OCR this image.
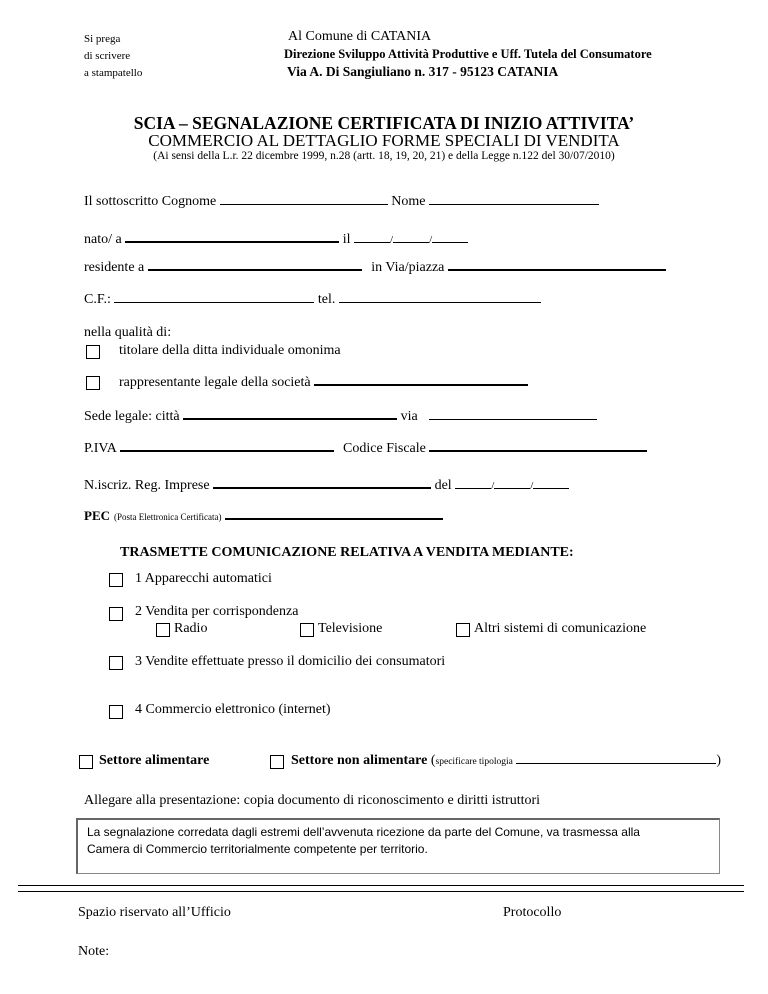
Si prega
di scrivere
a stampatello
Al Comune di CATANIA
Direzione Sviluppo Attività Produttive e Uff. Tutela del Consumatore
Via A. Di Sangiuliano n. 317 - 95123 CATANIA
SCIA – SEGNALAZIONE CERTIFICATA DI INIZIO ATTIVITA’
COMMERCIO AL DETTAGLIO FORME SPECIALI DI VENDITA
(Ai sensi della L.r. 22 dicembre 1999, n.28 (artt. 18, 19, 20, 21) e della Legge n.122 del 30/07/2010)
Il sottoscritto Cognome	Nome
nato/ a	il	/	/
residente a	in Via/piazza
C.F.:	tel.
nella qualità di:
titolare della ditta individuale omonima
rappresentante legale della società
Sede legale: città	via
P.IVA	Codice Fiscale
N.iscriz. Reg. Imprese	del	/	/
PEC (Posta Elettronica Certificata)
TRASMETTE COMUNICAZIONE RELATIVA A VENDITA MEDIANTE:
1 Apparecchi automatici
2 Vendita per corrispondenza
Radio	Televisione	Altri sistemi di comunicazione
3 Vendite effettuate presso il domicilio dei consumatori
4 Commercio elettronico (internet)
Settore alimentare	Settore non alimentare (specificare tipologia	)
Allegare alla presentazione: copia documento di riconoscimento e diritti istruttori
La segnalazione corredata dagli estremi dell’avvenuta ricezione da parte del Comune, va trasmessa alla
Camera di Commercio territorialmente competente per territorio.
Spazio riservato all’Ufficio	Protocollo
Note:
